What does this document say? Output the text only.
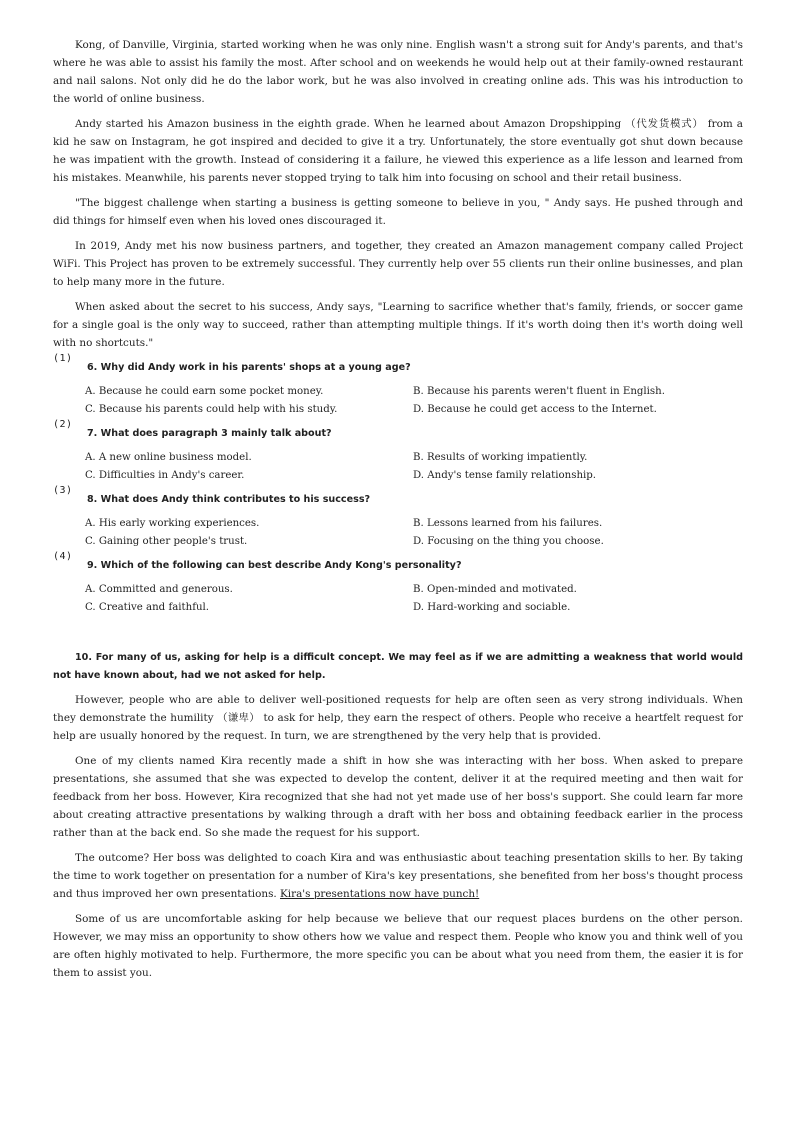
Kong, of Danville, Virginia, started working when he was only nine. English wasn't a strong suit for Andy's parents, and that's where he was able to assist his family the most. After school and on weekends he would help out at their family-owned restaurant and nail salons. Not only did he do the labor work, but he was also involved in creating online ads. This was his introduction to the world of online business.

Andy started his Amazon business in the eighth grade. When he learned about Amazon Dropshipping （代发货模式） from a kid he saw on Instagram, he got inspired and decided to give it a try. Unfortunately, the store eventually got shut down because he was impatient with the growth. Instead of considering it a failure, he viewed this experience as a life lesson and learned from his mistakes. Meanwhile, his parents never stopped trying to talk him into focusing on school and their retail business.

"The biggest challenge when starting a business is getting someone to believe in you, " Andy says. He pushed through and did things for himself even when his loved ones discouraged it.

In 2019, Andy met his now business partners, and together, they created an Amazon management company called Project WiFi. This Project has proven to be extremely successful. They currently help over 55 clients run their online businesses, and plan to help many more in the future.

When asked about the secret to his success, Andy says, "Learning to sacrifice whether that's family, friends, or soccer game for a single goal is the only way to succeed, rather than attempting multiple things. If it's worth doing then it's worth doing well with no shortcuts."

(1)
6. Why did Andy work in his parents' shops at a young age?
A. Because he could earn some pocket money.	B. Because his parents weren't fluent in English.
C. Because his parents could help with his study.	D. Because he could get access to the Internet.
(2)
7. What does paragraph 3 mainly talk about?
A. A new online business model.	B. Results of working impatiently.
C. Difficulties in Andy's career.	D. Andy's tense family relationship.
(3)
8. What does Andy think contributes to his success?
A. His early working experiences.	B. Lessons learned from his failures.
C. Gaining other people's trust.	D. Focusing on the thing you choose.
(4)
9. Which of the following can best describe Andy Kong's personality?
A. Committed and generous.	B. Open-minded and motivated.
C. Creative and faithful.	D. Hard-working and sociable.

10. For many of us, asking for help is a difficult concept. We may feel as if we are admitting a weakness that world would not have known about, had we not asked for help.

However, people who are able to deliver well-positioned requests for help are often seen as very strong individuals. When they demonstrate the humility （谦卑） to ask for help, they earn the respect of others. People who receive a heartfelt request for help are usually honored by the request. In turn, we are strengthened by the very help that is provided.

One of my clients named Kira recently made a shift in how she was interacting with her boss. When asked to prepare presentations, she assumed that she was expected to develop the content, deliver it at the required meeting and then wait for feedback from her boss. However, Kira recognized that she had not yet made use of her boss's support. She could learn far more about creating attractive presentations by walking through a draft with her boss and obtaining feedback earlier in the process rather than at the back end. So she made the request for his support.

The outcome? Her boss was delighted to coach Kira and was enthusiastic about teaching presentation skills to her. By taking the time to work together on presentation for a number of Kira's key presentations, she benefited from her boss's thought process and thus improved her own presentations. Kira's presentations now have punch!

Some of us are uncomfortable asking for help because we believe that our request places burdens on the other person. However, we may miss an opportunity to show others how we value and respect them. People who know you and think well of you are often highly motivated to help. Furthermore, the more specific you can be about what you need from them, the easier it is for them to assist you.
